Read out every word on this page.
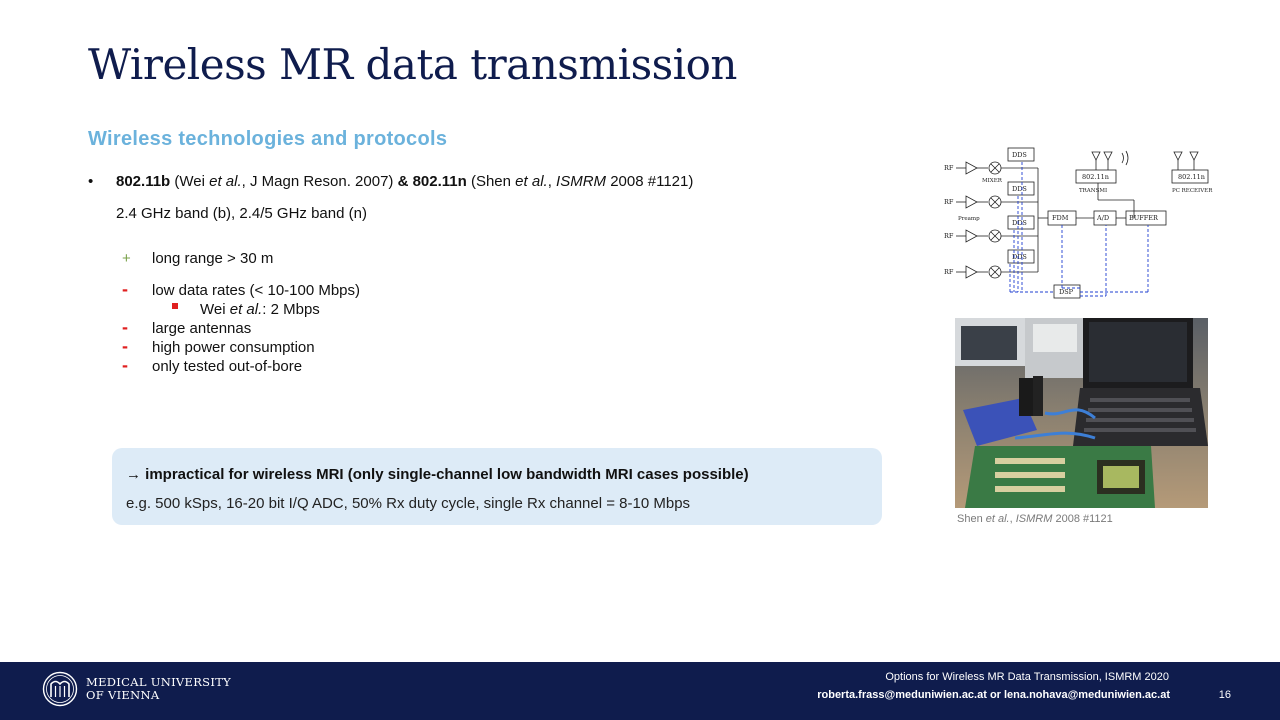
Wireless MR data transmission
Wireless technologies and protocols
• 802.11b (Wei et al., J Magn Reson. 2007) & 802.11n (Shen et al., ISMRM 2008 #1121)
2.4 GHz band (b), 2.4/5 GHz band (n)
+ long range > 30 m
- low data rates (< 10-100 Mbps)
Wei et al.: 2 Mbps
- large antennas
- high power consumption
- only tested out-of-bore
→ impractical for wireless MRI (only single-channel low bandwidth MRI cases possible)
e.g. 500 kSps, 16-20 bit I/Q ADC, 50% Rx duty cycle, single Rx channel = 8-10 Mbps
RF
RF
RF
RF
MIXER
Preamp
DDS
DDS
DDS
DDS
FDM	A/D	BUFFER
802.11n
TRANSMI
802.11n
PC RECEIVER
DSP
Shen et al., ISMRM 2008 #1121
MEDICAL UNIVERSITY
OF VIENNA
Options for Wireless MR Data Transmission, ISMRM 2020
roberta.frass@meduniwien.ac.at or lena.nohava@meduniwien.ac.at	16
